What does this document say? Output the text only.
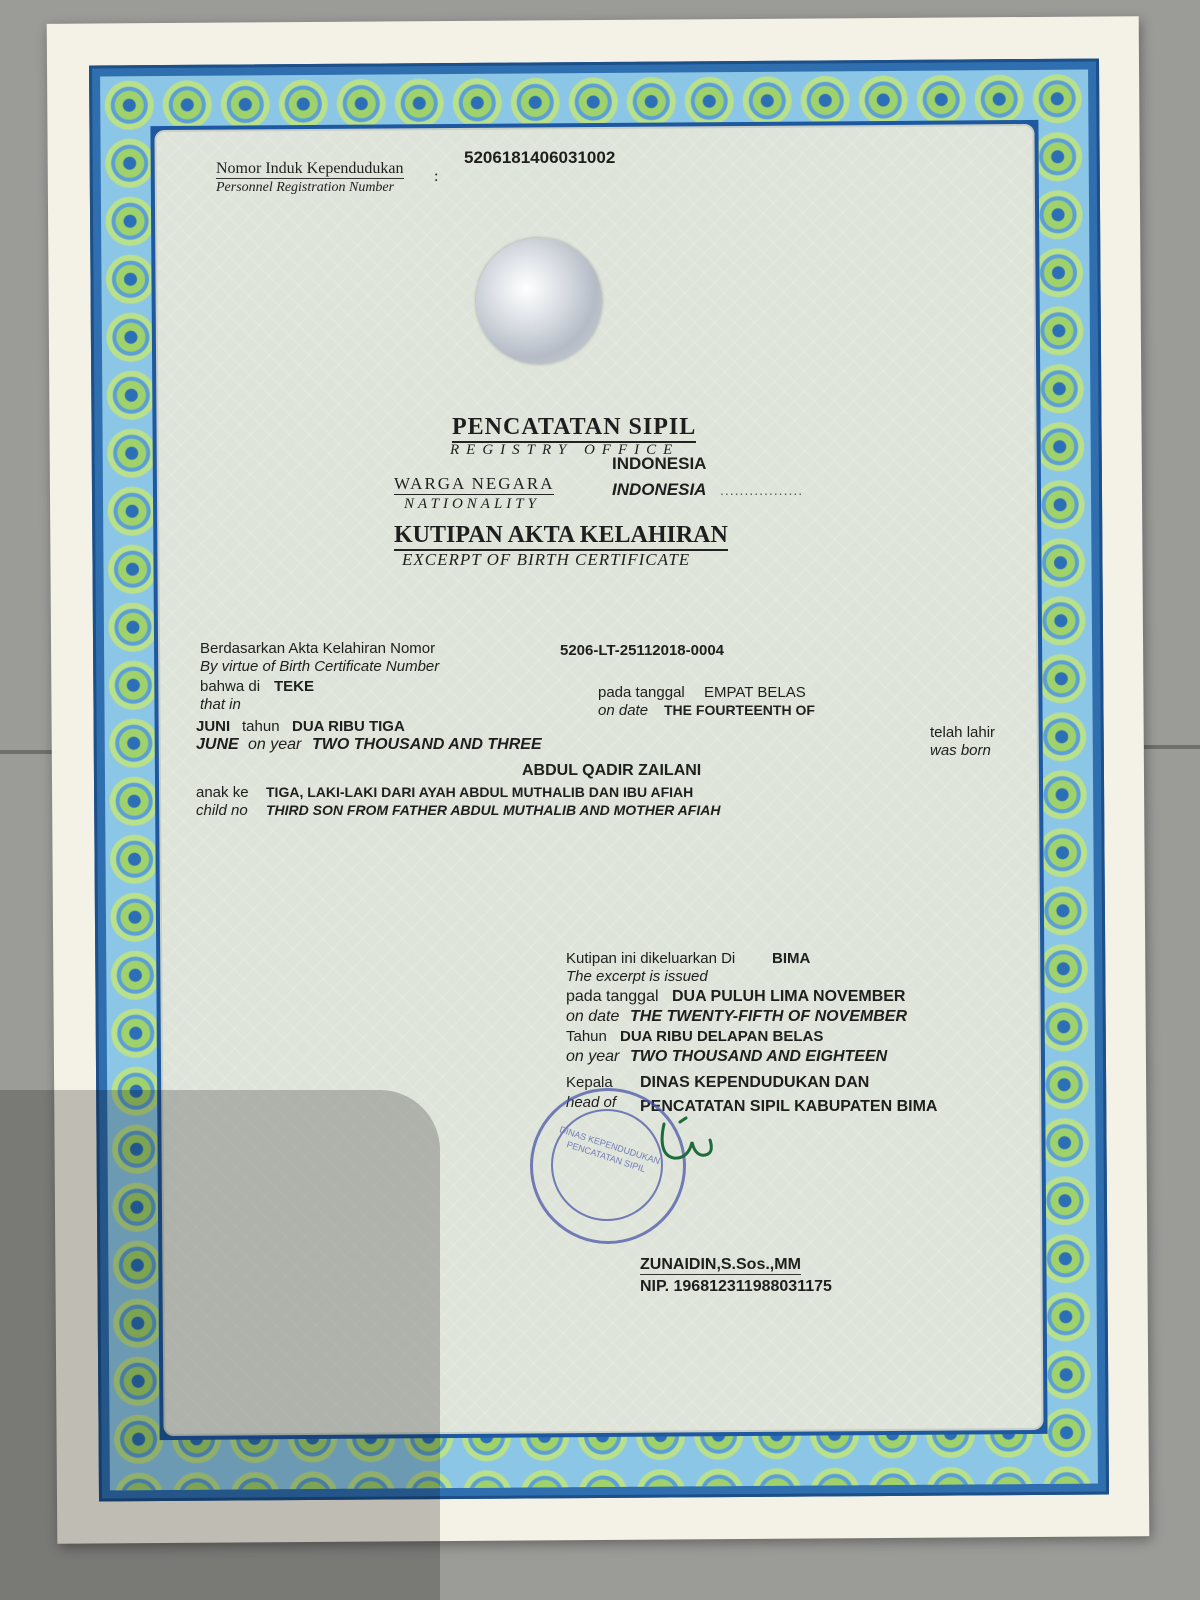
Nomor Induk Kependudukan
Personnel Registration Number
:
5206181406031002
PENCATATAN SIPIL
REGISTRY OFFICE
INDONESIA
WARGA NEGARA
NATIONALITY
INDONESIA .................
KUTIPAN AKTA KELAHIRAN
EXCERPT OF BIRTH CERTIFICATE
Berdasarkan Akta Kelahiran Nomor
By virtue of Birth Certificate Number
5206-LT-25112018-0004
bahwa di TEKE
that in
pada tanggal EMPAT BELAS
on date THE FOURTEENTH OF
JUNI tahun DUA RIBU TIGA
JUNE on year TWO THOUSAND AND THREE
telah lahir
was born
ABDUL QADIR ZAILANI
anak ke TIGA, LAKI-LAKI DARI AYAH ABDUL MUTHALIB DAN IBU AFIAH
child no THIRD SON FROM FATHER ABDUL MUTHALIB AND MOTHER AFIAH
Kutipan ini dikeluarkan Di BIMA
The excerpt is issued
pada tanggal DUA PULUH LIMA NOVEMBER
on date THE TWENTY-FIFTH OF NOVEMBER
Tahun DUA RIBU DELAPAN BELAS
on year TWO THOUSAND AND EIGHTEEN
Kepala DINAS KEPENDUDUKAN DAN
head of PENCATATAN SIPIL KABUPATEN BIMA
DINAS KEPENDUDUKAN PENCATATAN SIPIL
ZUNAIDIN,S.Sos.,MM
NIP. 196812311988031175
